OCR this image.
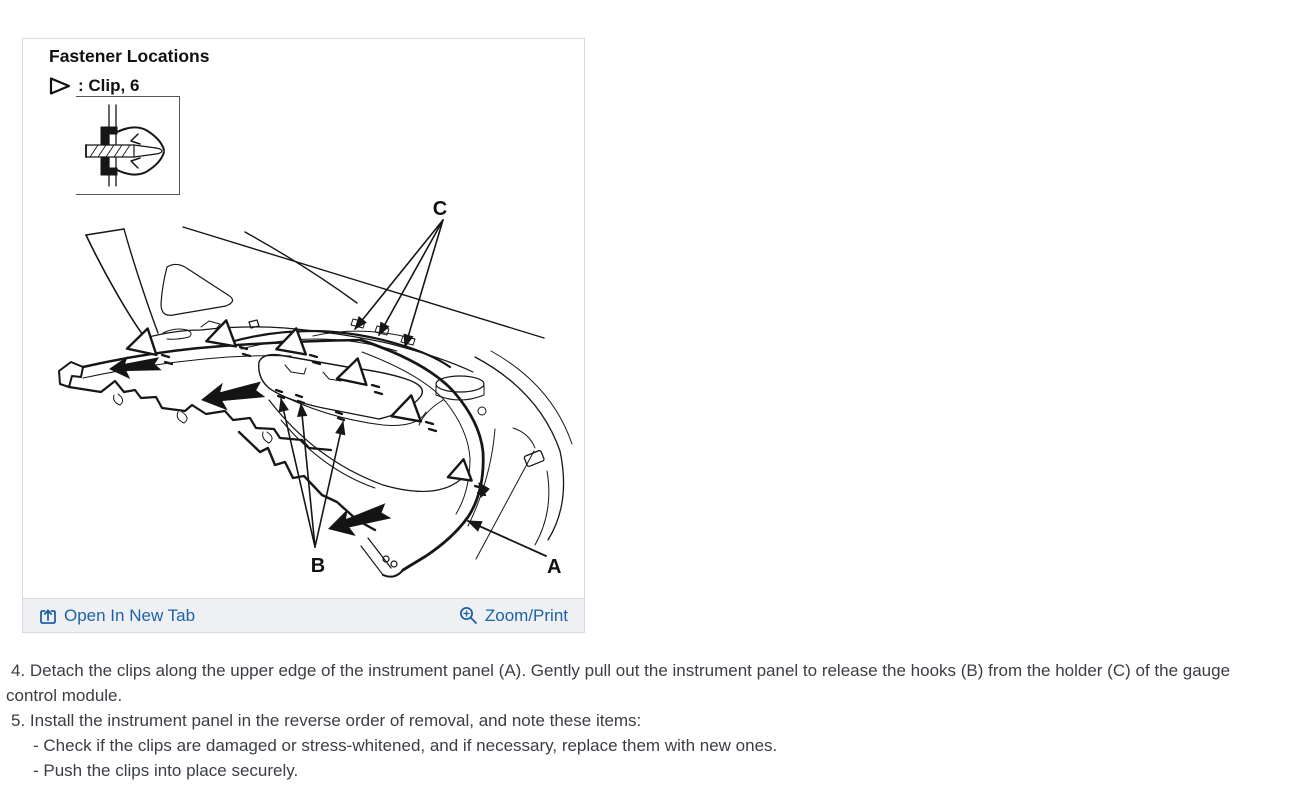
Fastener Locations
: Clip, 6
C
B	A
Open In New Tab	Zoom/Print
4. Detach the clips along the upper edge of the instrument panel (A). Gently pull out the instrument panel to release the hooks (B) from the holder (C) of the gauge control module.
5. Install the instrument panel in the reverse order of removal, and note these items:
- Check if the clips are damaged or stress-whitened, and if necessary, replace them with new ones.
- Push the clips into place securely.
